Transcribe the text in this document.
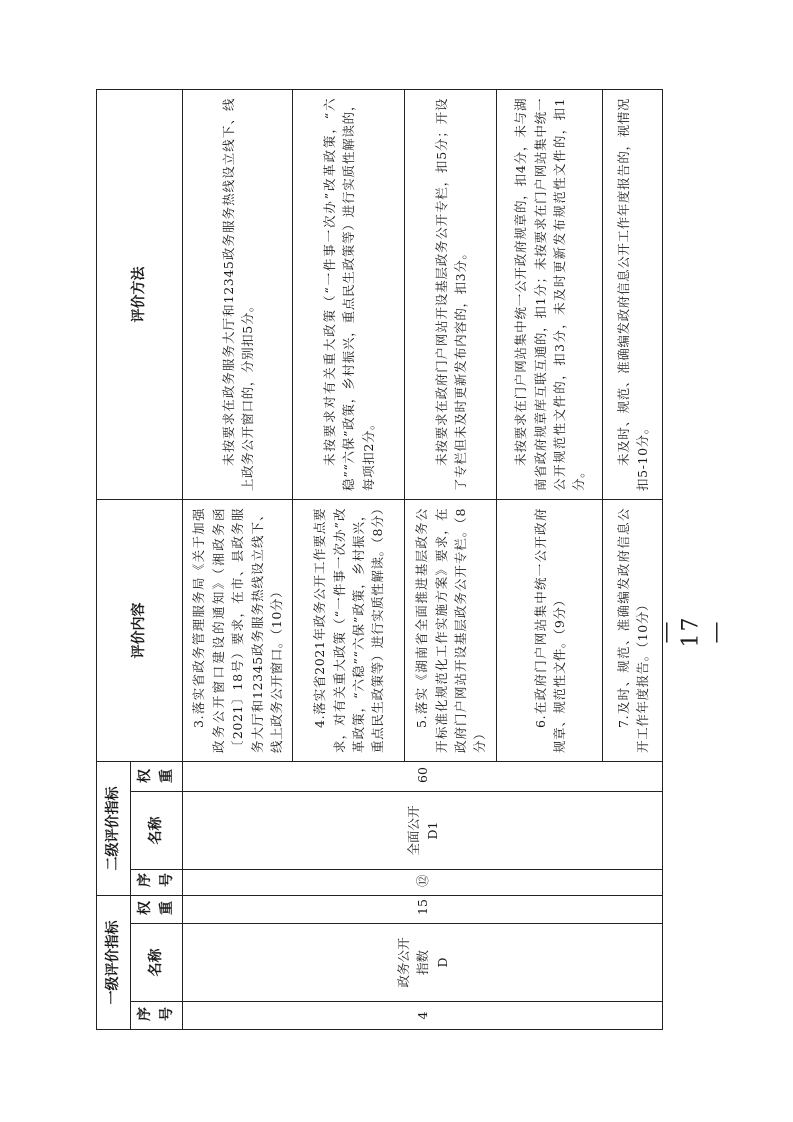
一级评价指标			二级评价指标			评价内容	评价方法
序号	名称	权重	序号	名称	权重		
4	政务公开 指数 D	15	⑫	全面公开 D1	60	3.落实省政务管理服务局《关于加强政务公开窗口建设的通知》（湘政务函〔2021〕18号）要求，在市、县政务服务大厅和12345政务服务热线设立线下、线上政务公开窗口。（10分）	未按要求在政务服务大厅和12345政务服务热线设立线下、线上政务公开窗口的，分别扣5分。
						4.落实省2021年政务公开工作要点要求，对有关重大政策（“一件事一次办”改革政策，“六稳”“六保”政策，乡村振兴，重点民生政策等）进行实质性解读。（8分）	未按要求对有关重大政策（“一件事一次办”改革政策，“六稳”“六保”政策，乡村振兴，重点民生政策等）进行实质性解读的，每项扣2分。
						5.落实《湖南省全面推进基层政务公开标准化规范化工作实施方案》要求，在政府门户网站开设基层政务公开专栏。（8分）	未按要求在政府门户网站开设基层政务公开专栏，扣5分；开设了专栏但未及时更新发布内容的，扣3分。
						6.在政府门户网站集中统一公开政府规章、规范性文件。（9分）	未按要求在门户网站集中统一公开政府规章的，扣4分，未与湖南省政府规章库互联互通的，扣1分；未按要求在门户网站集中统一公开规范性文件的，扣3分，未及时更新发布规范性文件的，扣1分。
						7.及时、规范、准确编发政府信息公开工作年度报告。（10分）	未及时、规范、准确编发政府信息公开工作年度报告的，视情况扣5-10分。
— 17 —
